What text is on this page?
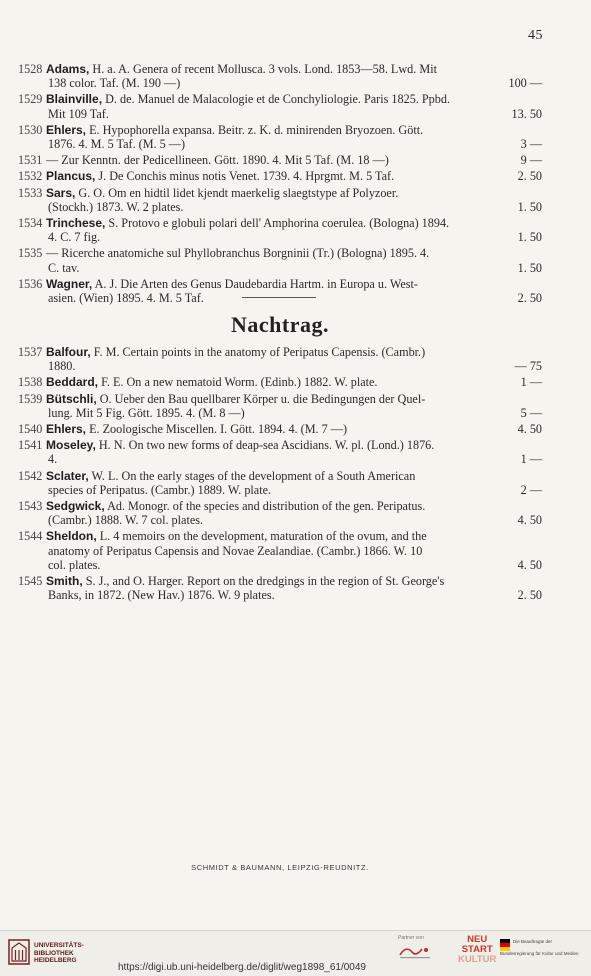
45
1528 Adams, H. a. A. Genera of recent Mollusca. 3 vols. Lond. 1853—58. Lwd. Mit
138 color. Taf. (M. 190 —)	100 —
1529 Blainville, D. de. Manuel de Malacologie et de Conchyliologie. Paris 1825. Ppbd.
Mit 109 Taf.	13. 50
1530 Ehlers, E. Hypophorella expansa. Beitr. z. K. d. minirenden Bryozoen. Gött.
1876. 4. M. 5 Taf. (M. 5 —)	3 —
1531 — Zur Kenntn. der Pedicellineen. Gött. 1890. 4. Mit 5 Taf. (M. 18 —)	9 —
1532 Plancus, J. De Conchis minus notis Venet. 1739. 4. Hprgmt. M. 5 Taf.	2. 50
1533 Sars, G. O. Om en hidtil lidet kjendt maerkelig slaegtstype af Polyzoer.
(Stockh.) 1873. W. 2 plates.	1. 50
1534 Trinchese, S. Protovo e globuli polari dell' Amphorina coerulea. (Bologna) 1894.
4. C. 7 fig.	1. 50
1535 — Ricerche anatomiche sul Phyllobranchus Borgninii (Tr.) (Bologna) 1895. 4.
C. tav.	1. 50
1536 Wagner, A. J. Die Arten des Genus Daudebardia Hartm. in Europa u. West-
asien. (Wien) 1895. 4. M. 5 Taf.	2. 50
Nachtrag.
1537 Balfour, F. M. Certain points in the anatomy of Peripatus Capensis. (Cambr.)
1880.	— 75
1538 Beddard, F. E. On a new nematoid Worm. (Edinb.) 1882. W. plate.	1 —
1539 Bütschli, O. Ueber den Bau quellbarer Körper u. die Bedingungen der Quel-
lung. Mit 5 Fig. Gött. 1895. 4. (M. 8 —)	5 —
1540 Ehlers, E. Zoologische Miscellen. I. Gött. 1894. 4. (M. 7 —)	4. 50
1541 Moseley, H. N. On two new forms of deap-sea Ascidians. W. pl. (Lond.) 1876.
4.	1 —
1542 Sclater, W. L. On the early stages of the development of a South American
species of Peripatus. (Cambr.) 1889. W. plate.	2 —
1543 Sedgwick, Ad. Monogr. of the species and distribution of the gen. Peripatus.
(Cambr.) 1888. W. 7 col. plates.	4. 50
1544 Sheldon, L. 4 memoirs on the development, maturation of the ovum, and the
anatomy of Peripatus Capensis and Novae Zealandiae. (Cambr.) 1866. W. 10
col. plates.	4. 50
1545 Smith, S. J., and O. Harger. Report on the dredgings in the region of St. George's
Banks, in 1872. (New Hav.) 1876. W. 9 plates.	2. 50
SCHMIDT & BAUMANN, LEIPZIG-REUDNITZ.
UNIVERSITÄTS-
BIBLIOTHEK
HEIDELBERG
https://digi.ub.uni-heidelberg.de/diglit/weg1898_61/0049
Partner von	NEU
START
KULTUR
Die Beauftragte der Bundesregierung für Kultur und Medien
